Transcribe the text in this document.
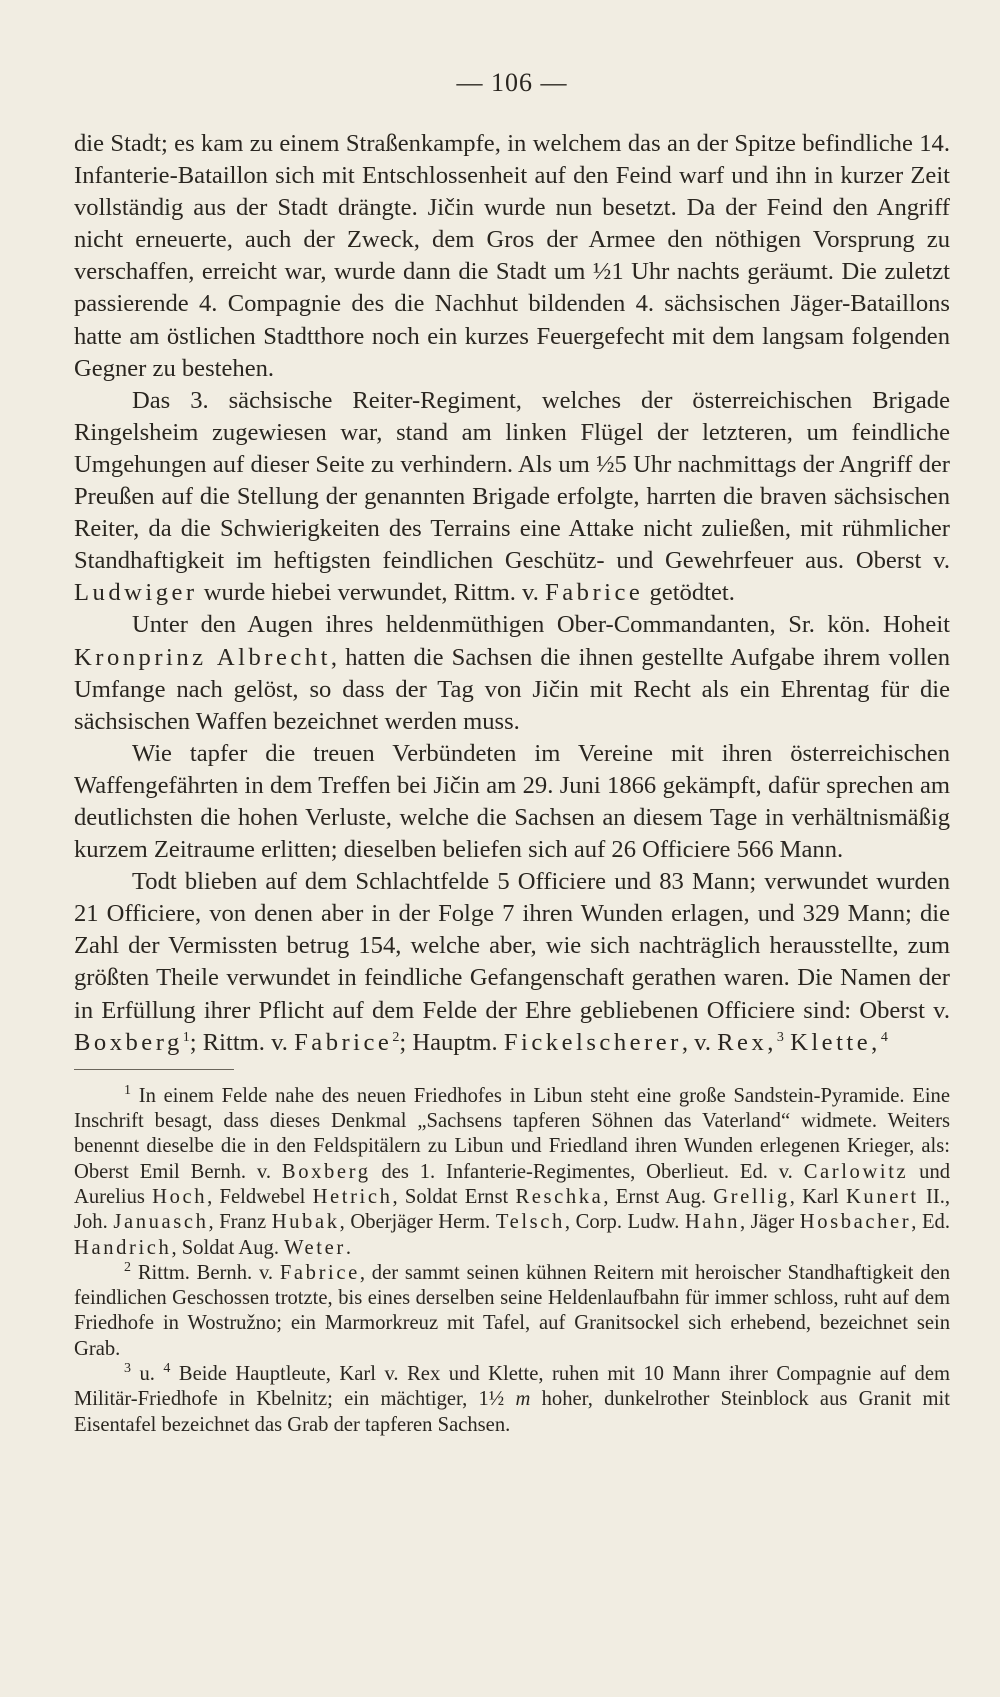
— 106 —

die Stadt; es kam zu einem Straßenkampfe, in welchem das an der Spitze befindliche 14. Infanterie-Bataillon sich mit Entschlossenheit auf den Feind warf und ihn in kurzer Zeit vollständig aus der Stadt drängte. Jičin wurde nun besetzt. Da der Feind den Angriff nicht erneuerte, auch der Zweck, dem Gros der Armee den nöthigen Vorsprung zu verschaffen, erreicht war, wurde dann die Stadt um ½1 Uhr nachts geräumt. Die zuletzt passierende 4. Compagnie des die Nachhut bildenden 4. sächsischen Jäger-Bataillons hatte am östlichen Stadtthore noch ein kurzes Feuergefecht mit dem langsam folgenden Gegner zu bestehen.

Das 3. sächsische Reiter-Regiment, welches der österreichischen Brigade Ringelsheim zugewiesen war, stand am linken Flügel der letzteren, um feindliche Umgehungen auf dieser Seite zu verhindern. Als um ½5 Uhr nachmittags der Angriff der Preußen auf die Stellung der genannten Brigade erfolgte, harrten die braven sächsischen Reiter, da die Schwierigkeiten des Terrains eine Attake nicht zuließen, mit rühmlicher Standhaftigkeit im heftigsten feindlichen Geschütz- und Gewehrfeuer aus. Oberst v. Ludwiger wurde hiebei verwundet, Rittm. v. Fabrice getödtet.

Unter den Augen ihres heldenmüthigen Ober-Commandanten, Sr. kön. Hoheit Kronprinz Albrecht, hatten die Sachsen die ihnen gestellte Aufgabe ihrem vollen Umfange nach gelöst, so dass der Tag von Jičin mit Recht als ein Ehrentag für die sächsischen Waffen bezeichnet werden muss.

Wie tapfer die treuen Verbündeten im Vereine mit ihren österreichischen Waffengefährten in dem Treffen bei Jičin am 29. Juni 1866 gekämpft, dafür sprechen am deutlichsten die hohen Verluste, welche die Sachsen an diesem Tage in verhältnismäßig kurzem Zeitraume erlitten; dieselben beliefen sich auf 26 Officiere 566 Mann.

Todt blieben auf dem Schlachtfelde 5 Officiere und 83 Mann; verwundet wurden 21 Officiere, von denen aber in der Folge 7 ihren Wunden erlagen, und 329 Mann; die Zahl der Vermissten betrug 154, welche aber, wie sich nachträglich herausstellte, zum größten Theile verwundet in feindliche Gefangenschaft gerathen waren. Die Namen der in Erfüllung ihrer Pflicht auf dem Felde der Ehre gebliebenen Officiere sind: Oberst v. Boxberg$^1$; Rittm. v. Fabrice$^2$; Hauptm. Fickelscherer, v. Rex,$^3$ Klette,$^4$

$^1$ In einem Felde nahe des neuen Friedhofes in Libun steht eine große Sandstein-Pyramide. Eine Inschrift besagt, dass dieses Denkmal „Sachsens tapferen Söhnen das Vaterland“ widmete. Weiters benennt dieselbe die in den Feldspitälern zu Libun und Friedland ihren Wunden erlegenen Krieger, als: Oberst Emil Bernh. v. Boxberg des 1. Infanterie-Regimentes, Oberlieut. Ed. v. Carlowitz und Aurelius Hoch, Feldwebel Hetrich, Soldat Ernst Reschka, Ernst Aug. Grellig, Karl Kunert II., Joh. Januasch, Franz Hubak, Oberjäger Herm. Telsch, Corp. Ludw. Hahn, Jäger Hosbacher, Ed. Handrich, Soldat Aug. Weter.

$^2$ Rittm. Bernh. v. Fabrice, der sammt seinen kühnen Reitern mit heroischer Standhaftigkeit den feindlichen Geschossen trotzte, bis eines derselben seine Heldenlaufbahn für immer schloss, ruht auf dem Friedhofe in Wostružno; ein Marmorkreuz mit Tafel, auf Granitsockel sich erhebend, bezeichnet sein Grab.

$^3$ u. $^4$ Beide Hauptleute, Karl v. Rex und Klette, ruhen mit 10 Mann ihrer Compagnie auf dem Militär-Friedhofe in Kbelnitz; ein mächtiger, 1½ m hoher, dunkelrother Steinblock aus Granit mit Eisentafel bezeichnet das Grab der tapferen Sachsen.
